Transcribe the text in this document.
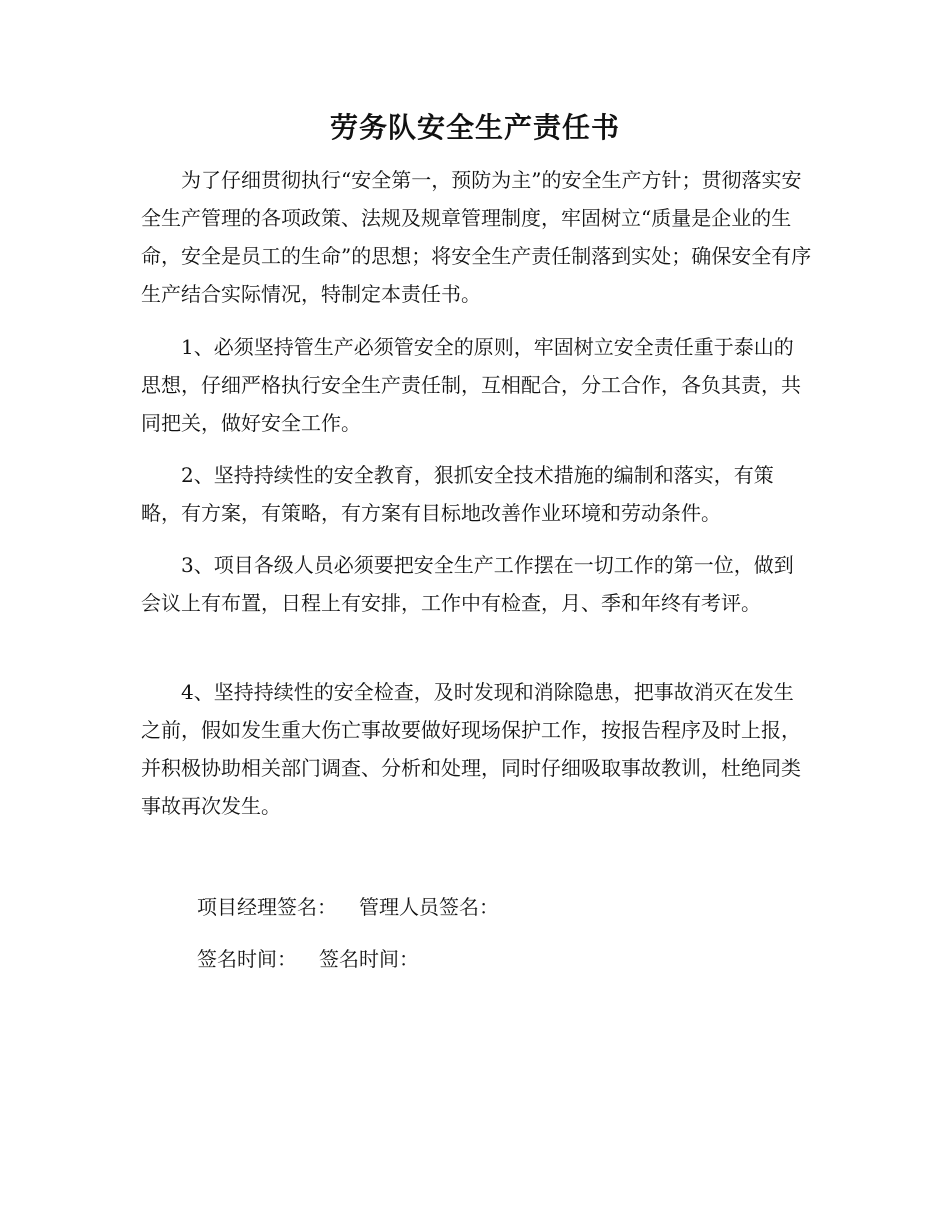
劳务队安全生产责任书

为了仔细贯彻执行“安全第一，预防为主”的安全生产方针；贯彻落实安全生产管理的各项政策、法规及规章管理制度，牢固树立“质量是企业的生命，安全是员工的生命”的思想；将安全生产责任制落到实处；确保安全有序生产结合实际情况，特制定本责任书。

1、必须坚持管生产必须管安全的原则，牢固树立安全责任重于泰山的思想，仔细严格执行安全生产责任制，互相配合，分工合作，各负其责，共同把关，做好安全工作。

2、坚持持续性的安全教育，狠抓安全技术措施的编制和落实，有策略，有方案，有策略，有方案有目标地改善作业环境和劳动条件。

3、项目各级人员必须要把安全生产工作摆在一切工作的第一位，做到会议上有布置，日程上有安排，工作中有检查，月、季和年终有考评。

4、坚持持续性的安全检查，及时发现和消除隐患，把事故消灭在发生之前，假如发生重大伤亡事故要做好现场保护工作，按报告程序及时上报，并积极协助相关部门调查、分析和处理，同时仔细吸取事故教训，杜绝同类事故再次发生。

项目经理签名： 管理人员签名：
签名时间： 签名时间：
